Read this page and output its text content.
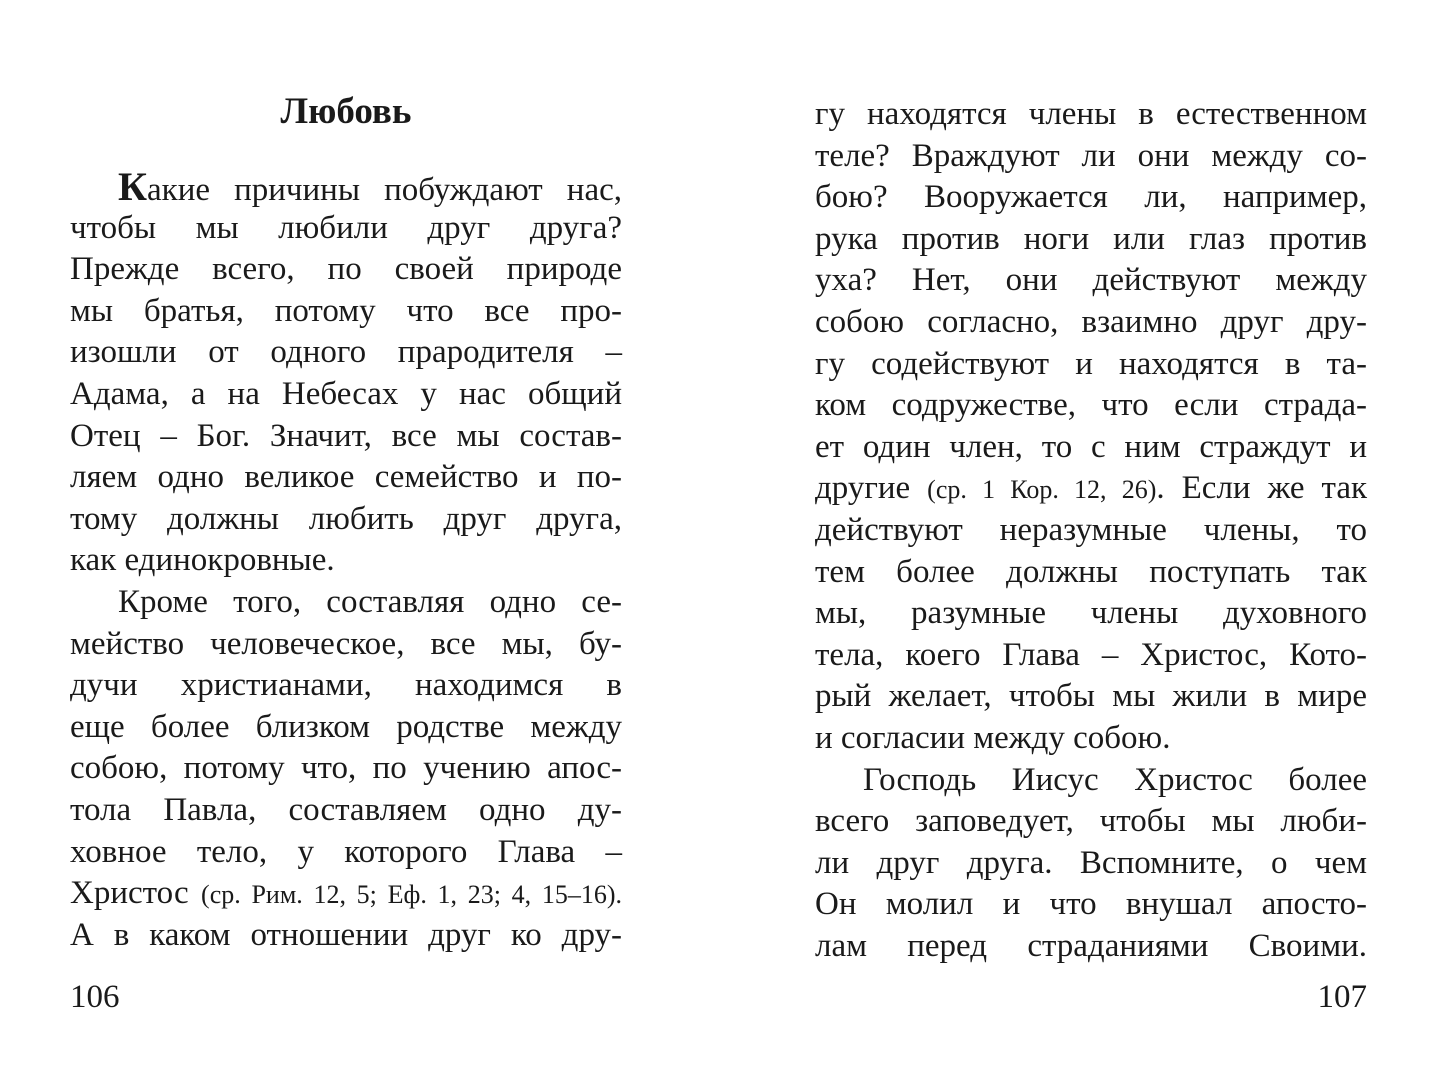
Любовь
Какие причины побуждают нас,
чтобы мы любили друг друга?
Прежде всего, по своей природе
мы братья, потому что все про-
изошли от одного прародителя –
Адама, а на Небесах у нас общий
Отец – Бог. Значит, все мы состав-
ляем одно великое семейство и по-
тому должны любить друг друга,
как единокровные.
Кроме того, составляя одно се-
мейство человеческое, все мы, бу-
дучи христианами, находимся в
еще более близком родстве между
собою, потому что, по учению апос-
тола Павла, составляем одно ду-
ховное тело, у которого Глава –
Христос (ср. Рим. 12, 5; Еф. 1, 23; 4, 15–16).
А в каком отношении друг ко дру-
106
гу находятся члены в естественном
теле? Враждуют ли они между со-
бою? Вооружается ли, например,
рука против ноги или глаз против
уха? Нет, они действуют между
собою согласно, взаимно друг дру-
гу содействуют и находятся в та-
ком содружестве, что если страда-
ет один член, то с ним страждут и
другие (ср. 1 Кор. 12, 26). Если же так
действуют неразумные члены, то
тем более должны поступать так
мы, разумные члены духовного
тела, коего Глава – Христос, Кото-
рый желает, чтобы мы жили в мире
и согласии между собою.
Господь Иисус Христос более
всего заповедует, чтобы мы люби-
ли друг друга. Вспомните, о чем
Он молил и что внушал апосто-
лам перед страданиями Своими.
107
